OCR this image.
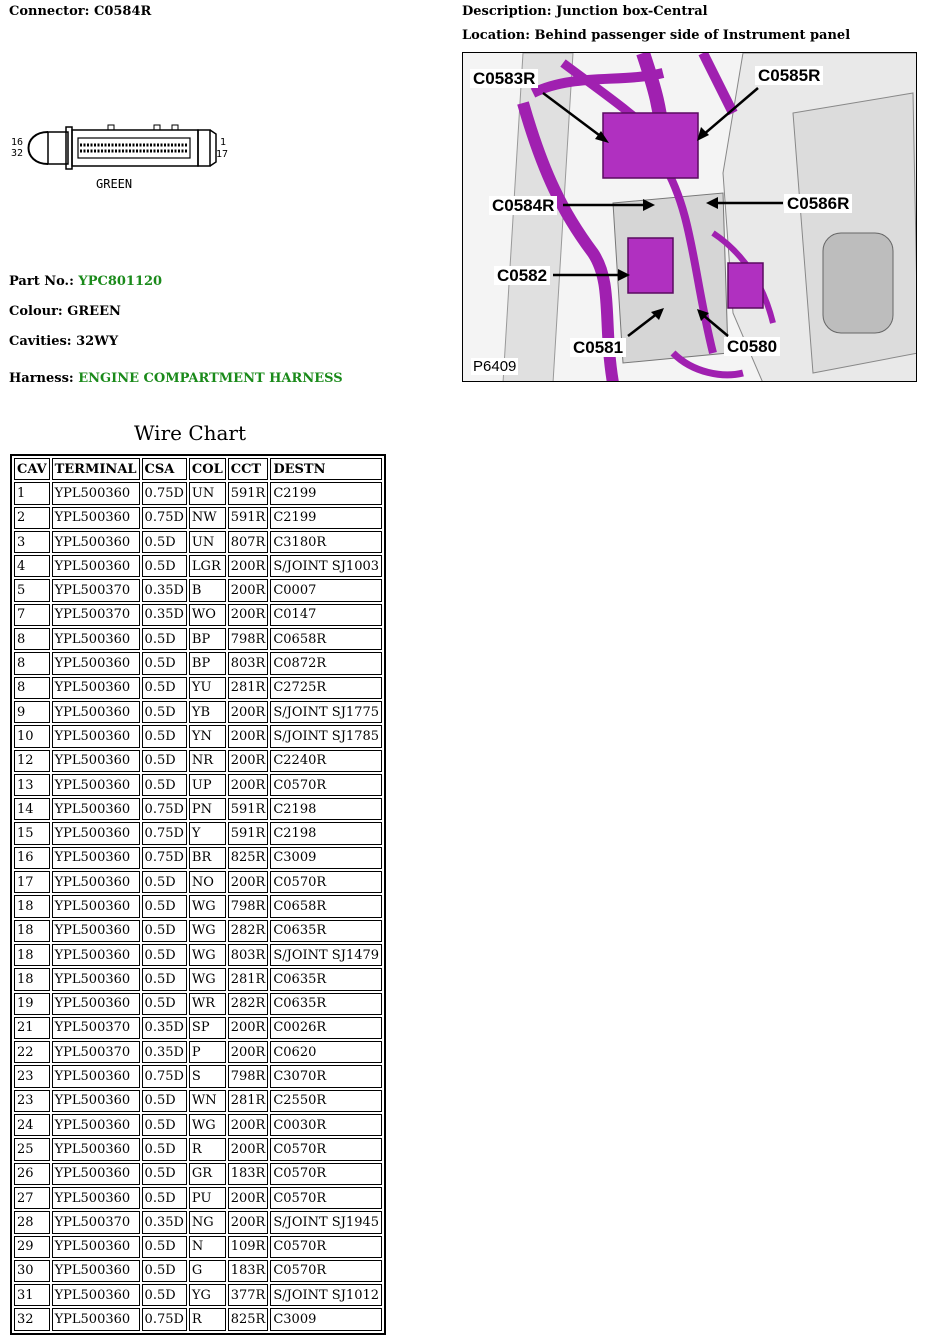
Connector: C0584R	Description: Junction box-Central
Location: Behind passenger side of Instrument panel
16
32
1
17
GREEN
Part No.: YPC801120
Colour: GREEN
Cavities: 32WY
Harness: ENGINE COMPARTMENT HARNESS
C0583R	C0585R
C0584R	C0586R
C0582
C0581	C0580
P6409
Wire Chart
CAV	TERMINAL	CSA	COL	CCT	DESTN
1	YPL500360	0.75D	UN	591R	C2199
2	YPL500360	0.75D	NW	591R	C2199
3	YPL500360	0.5D	UN	807R	C3180R
4	YPL500360	0.5D	LGR	200R	S/JOINT SJ1003
5	YPL500370	0.35D	B	200R	C0007
7	YPL500370	0.35D	WO	200R	C0147
8	YPL500360	0.5D	BP	798R	C0658R
8	YPL500360	0.5D	BP	803R	C0872R
8	YPL500360	0.5D	YU	281R	C2725R
9	YPL500360	0.5D	YB	200R	S/JOINT SJ1775
10	YPL500360	0.5D	YN	200R	S/JOINT SJ1785
12	YPL500360	0.5D	NR	200R	C2240R
13	YPL500360	0.5D	UP	200R	C0570R
14	YPL500360	0.75D	PN	591R	C2198
15	YPL500360	0.75D	Y	591R	C2198
16	YPL500360	0.75D	BR	825R	C3009
17	YPL500360	0.5D	NO	200R	C0570R
18	YPL500360	0.5D	WG	798R	C0658R
18	YPL500360	0.5D	WG	282R	C0635R
18	YPL500360	0.5D	WG	803R	S/JOINT SJ1479
18	YPL500360	0.5D	WG	281R	C0635R
19	YPL500360	0.5D	WR	282R	C0635R
21	YPL500370	0.35D	SP	200R	C0026R
22	YPL500370	0.35D	P	200R	C0620
23	YPL500360	0.75D	S	798R	C3070R
23	YPL500360	0.5D	WN	281R	C2550R
24	YPL500360	0.5D	WG	200R	C0030R
25	YPL500360	0.5D	R	200R	C0570R
26	YPL500360	0.5D	GR	183R	C0570R
27	YPL500360	0.5D	PU	200R	C0570R
28	YPL500370	0.35D	NG	200R	S/JOINT SJ1945
29	YPL500360	0.5D	N	109R	C0570R
30	YPL500360	0.5D	G	183R	C0570R
31	YPL500360	0.5D	YG	377R	S/JOINT SJ1012
32	YPL500360	0.75D	R	825R	C3009
